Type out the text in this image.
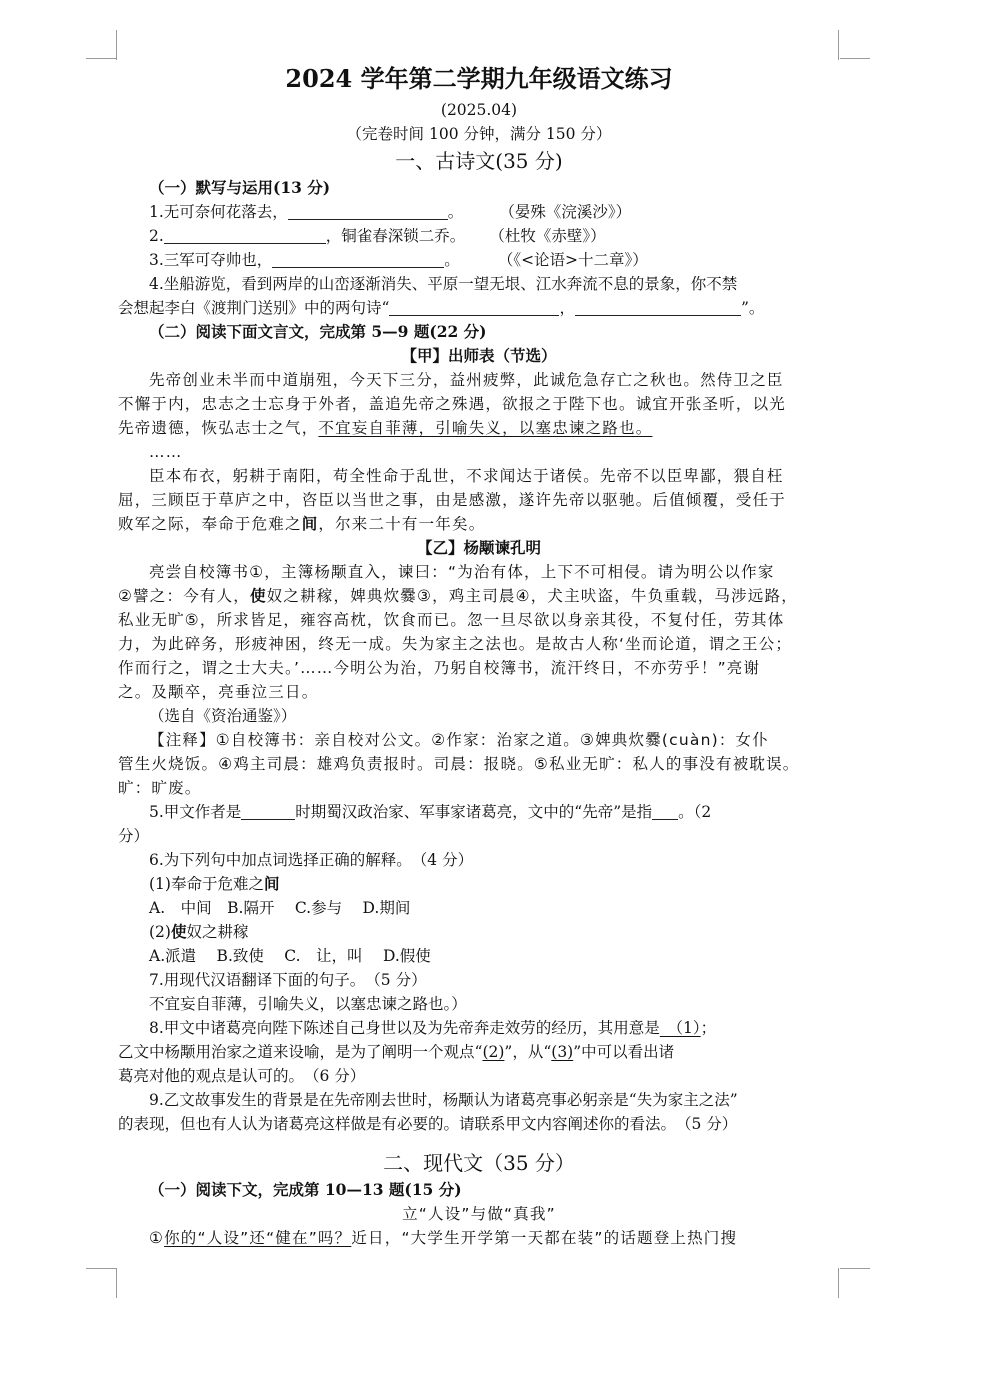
2024 学年第二学期九年级语文练习
(2025.04)
（完卷时间 100 分钟，满分 150 分）
一、古诗文(35 分)
（一）默写与运用(13 分)
1.无可奈何花落去，	。 （晏殊《浣溪沙》）
2.	，铜雀春深锁二乔。 （杜牧《赤壁》）
3.三军可夺帅也，	。 （《<论语>十二章》）
4.坐船游览，看到两岸的山峦逐渐消失、平原一望无垠、江水奔流不息的景象，你不禁
会想起李白《渡荆门送别》中的两句诗“	，	”。
（二）阅读下面文言文，完成第 5—9 题(22 分)
【甲】出师表（节选）
先帝创业未半而中道崩殂，今天下三分，益州疲弊，此诚危急存亡之秋也。然侍卫之臣
不懈于内，忠志之士忘身于外者，盖追先帝之殊遇，欲报之于陛下也。诚宜开张圣听，以光
先帝遗德，恢弘志士之气，不宜妄自菲薄，引喻失义，以塞忠谏之路也。
……
臣本布衣，躬耕于南阳，苟全性命于乱世，不求闻达于诸侯。先帝不以臣卑鄙，猥自枉
屈，三顾臣于草庐之中，咨臣以当世之事，由是感激，遂许先帝以驱驰。后值倾覆，受任于
败军之际，奉命于危难之间，尔来二十有一年矣。
【乙】杨颙谏孔明
亮尝自校簿书①，主簿杨颙直入，谏曰：“为治有体，上下不可相侵。请为明公以作家
②譬之：今有人，使奴之耕稼，婢典炊爨③，鸡主司晨④，犬主吠盗，牛负重载，马涉远路，
私业无旷⑤，所求皆足，雍容高枕，饮食而已。忽一旦尽欲以身亲其役，不复付任，劳其体
力，为此碎务，形疲神困，终无一成。失为家主之法也。是故古人称‘坐而论道，谓之王公；
作而行之，谓之士大夫。’……今明公为治，乃躬自校簿书，流汗终日，不亦劳乎！”亮谢
之。及颙卒，亮垂泣三日。
（选自《资治通鉴》）
【注释】①自校簿书：亲自校对公文。②作家：治家之道。③婢典炊爨(cuàn)：女仆
管生火烧饭。④鸡主司晨：雄鸡负责报时。司晨：报晓。⑤私业无旷：私人的事没有被耽误。
旷：旷废。
5.甲文作者是	时期蜀汉政治家、军事家诸葛亮，文中的“先帝”是指 。（2
分）
6.为下列句中加点词选择正确的解释。　（4 分）
(1)奉命于危难之间
A.　中间　B.隔开　 C.参与　 D.期间
(2)使奴之耕稼
A.派遣　 B.致使　 C.　让，叫　 D.假使
7.用现代汉语翻译下面的句子。　（5 分）
不宜妄自菲薄，引喻失义，以塞忠谏之路也。）
8.甲文中诸葛亮向陛下陈述自己身世以及为先帝奔走效劳的经历，其用意是　（1）；
乙文中杨颙用治家之道来设喻，是为了阐明一个观点“(2)”，从“(3)”中可以看出诸
葛亮对他的观点是认可的。　（6 分）
9.乙文故事发生的背景是在先帝刚去世时，杨颙认为诸葛亮事必躬亲是“失为家主之法”
的表现，但也有人认为诸葛亮这样做是有必要的。请联系甲文内容阐述你的看法。　（5 分）
二、现代文（35 分）
（一）阅读下文，完成第 10—13 题(15 分)
立“人设”与做“真我”
①你的“人设”还“健在”吗？近日，“大学生开学第一天都在装”的话题登上热门搜
